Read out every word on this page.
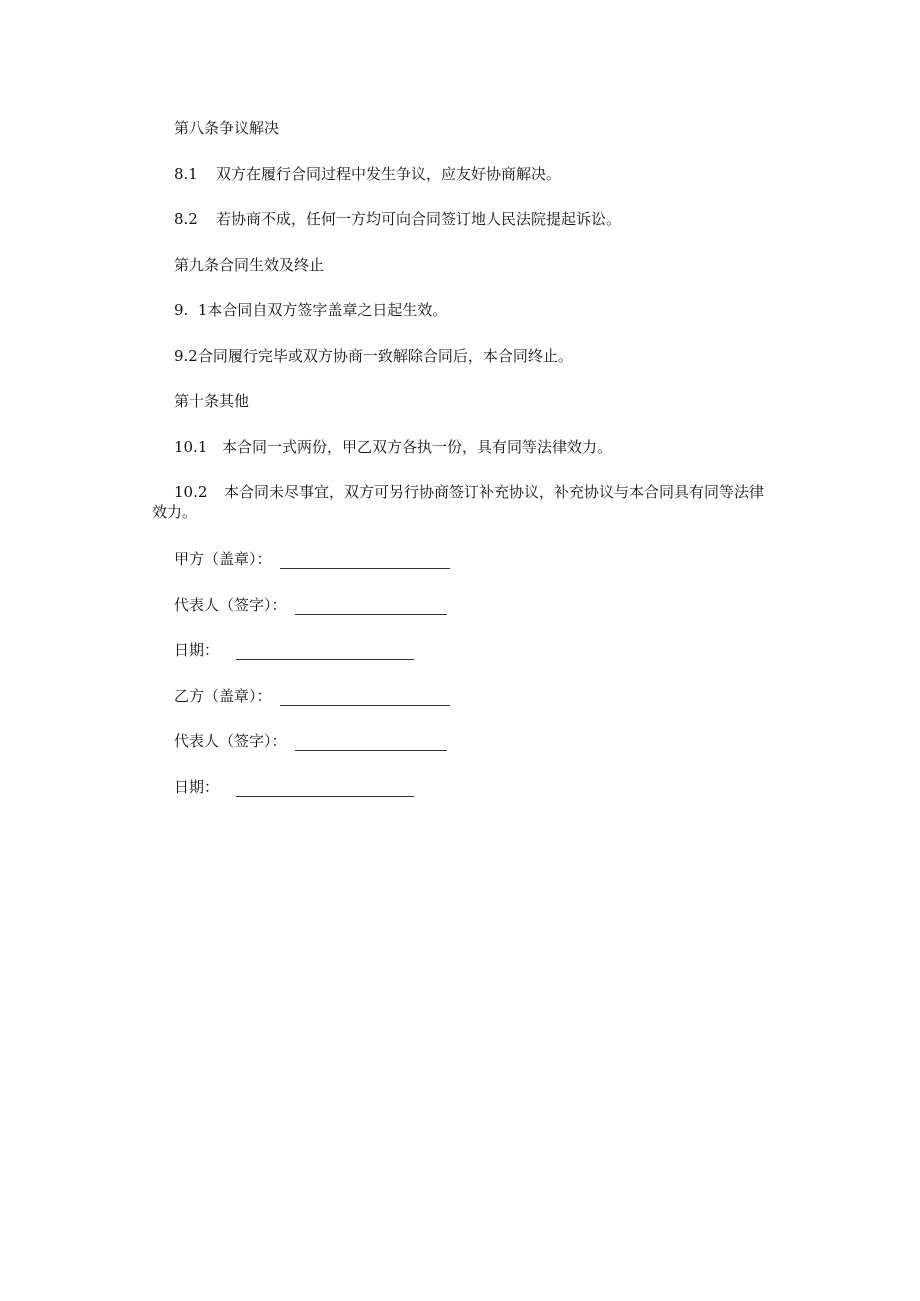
第八条争议解决
8.1 双方在履行合同过程中发生争议，应友好协商解决。
8.2 若协商不成，任何一方均可向合同签订地人民法院提起诉讼。
第九条合同生效及终止
9.  1本合同自双方签字盖章之日起生效。
9.2合同履行完毕或双方协商一致解除合同后，本合同终止。
第十条其他
10.1 本合同一式两份，甲乙双方各执一份，具有同等法律效力。
10.2 本合同未尽事宜，双方可另行协商签订补充协议，补充协议与本合同具有同等法律效力。
甲方（盖章）：
代表人（签字）：
日期：
乙方（盖章）：
代表人（签字）：
日期：
